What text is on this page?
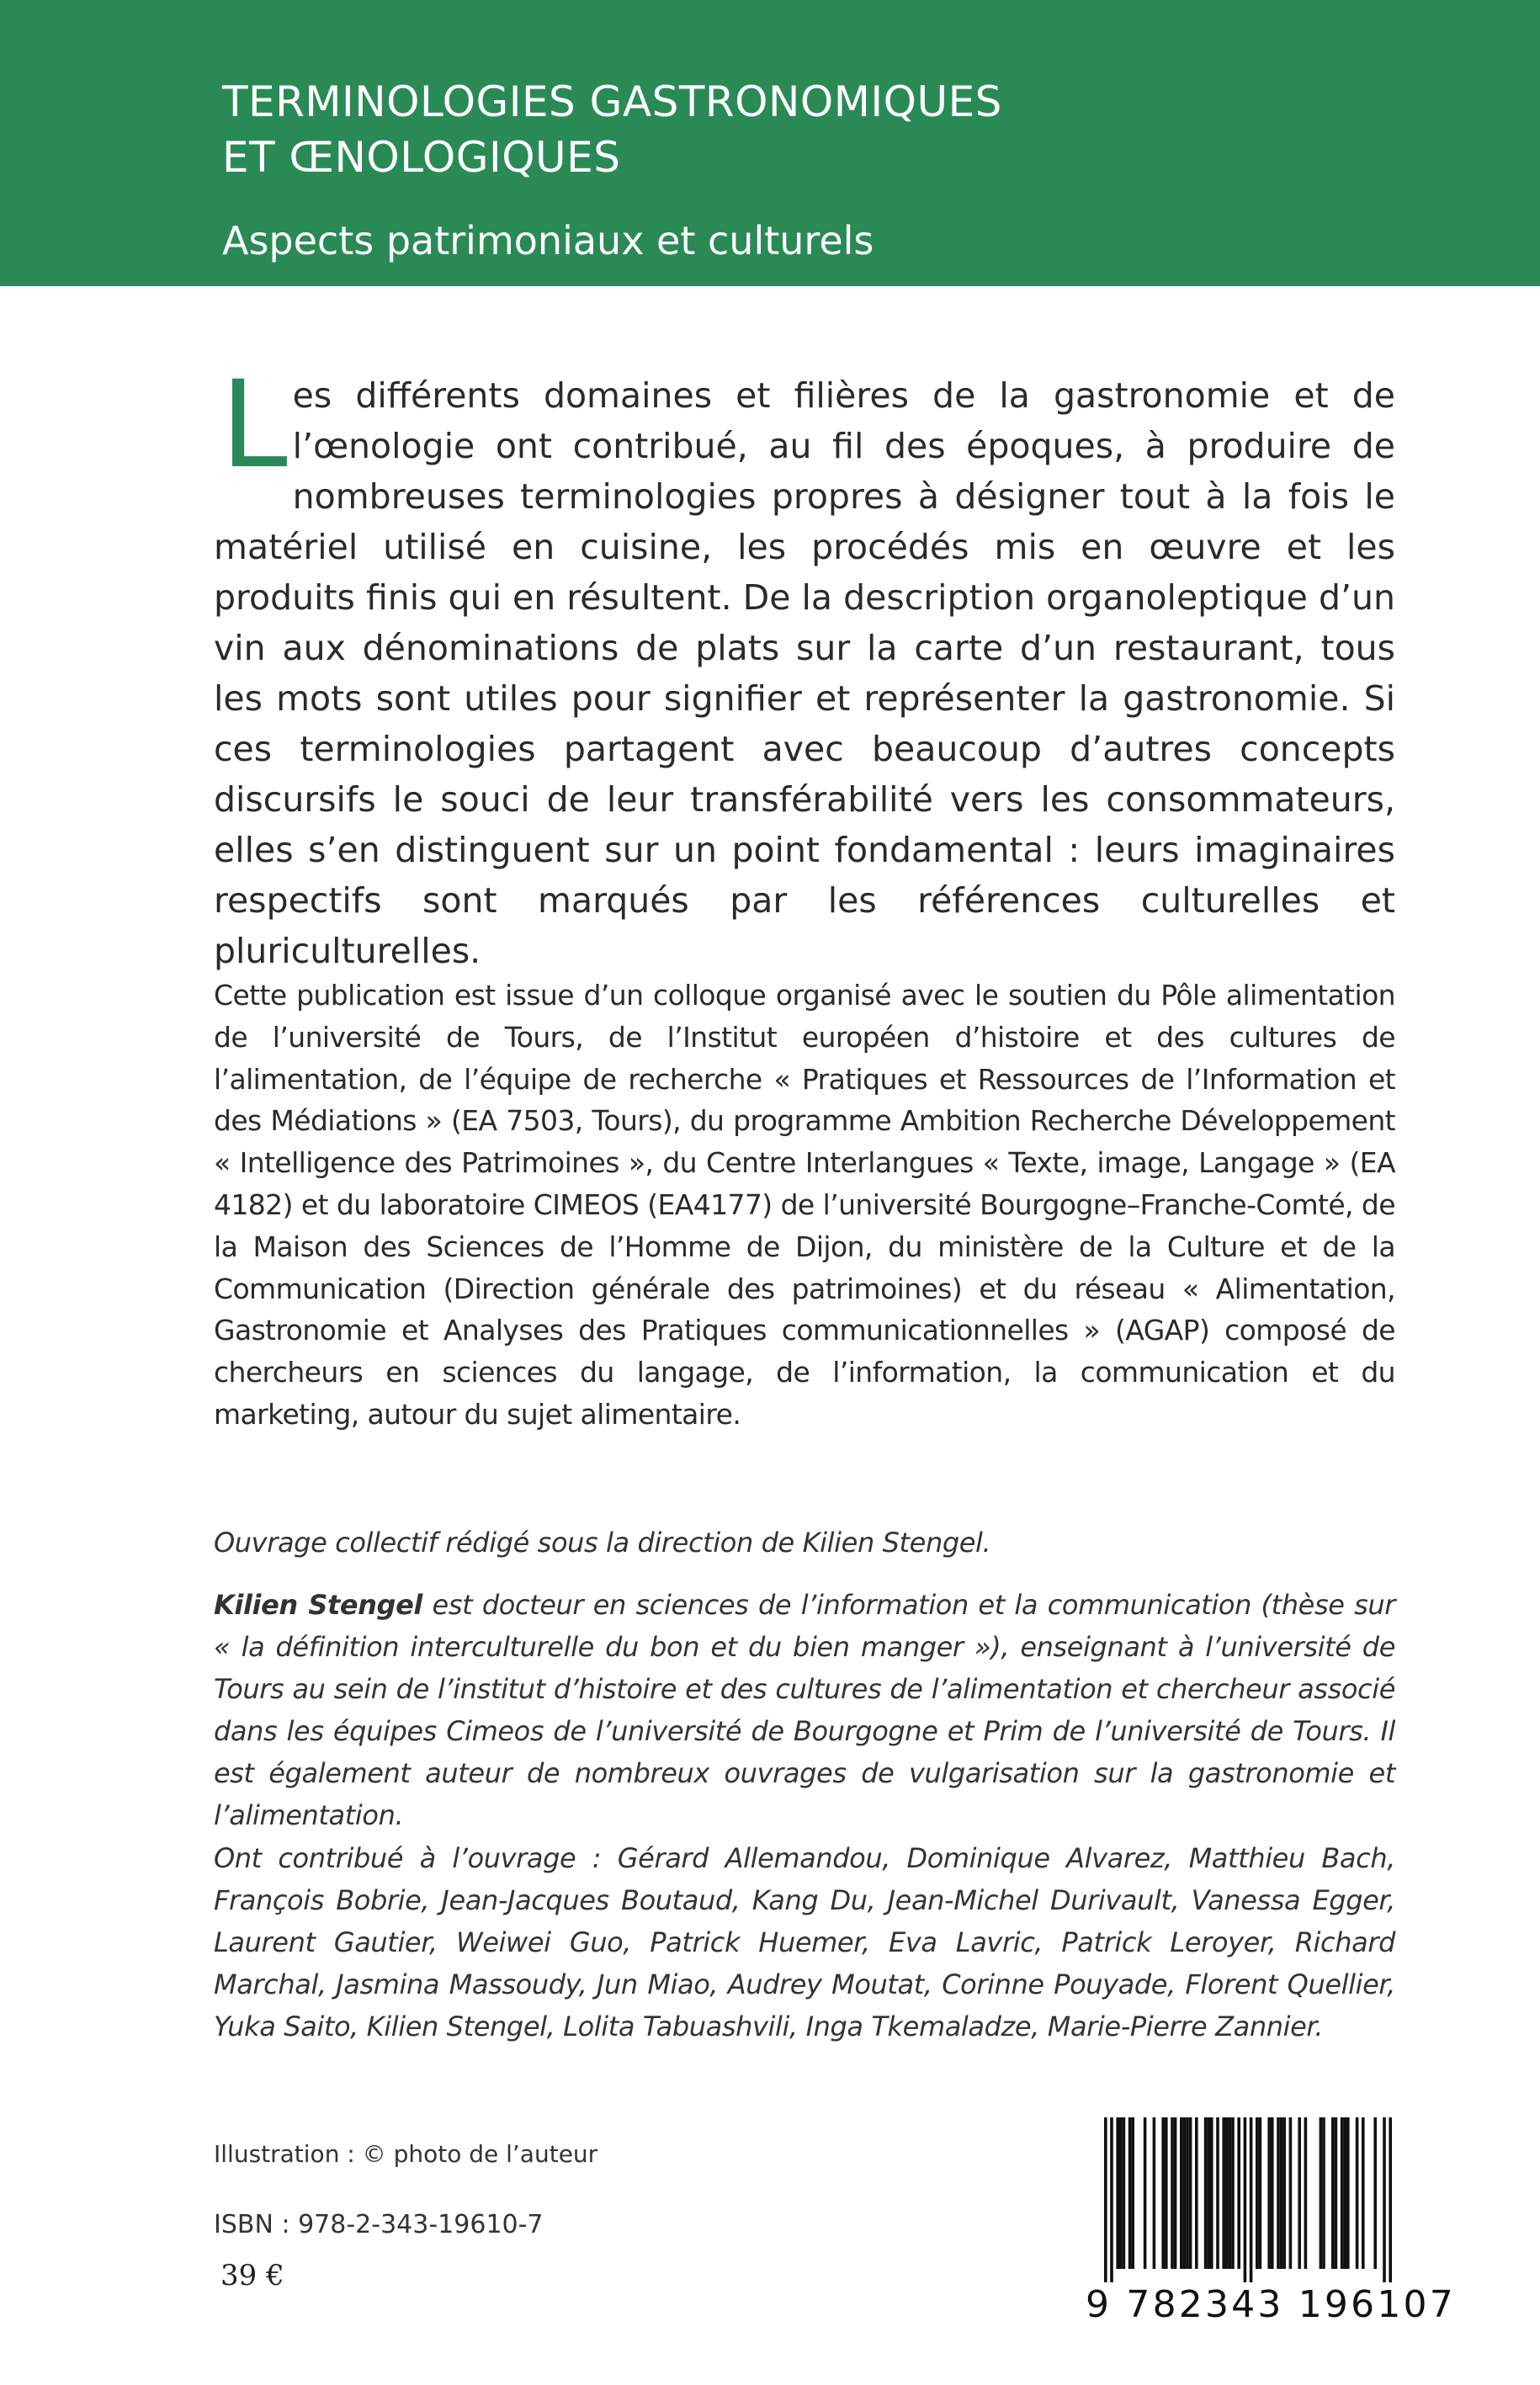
TERMINOLOGIES GASTRONOMIQUES
ET ŒNOLOGIQUES
Aspects patrimoniaux et culturels

Les différents domaines et filières de la gastronomie et de l’œnologie ont contribué, au fil des époques, à produire de nombreuses terminologies propres à désigner tout à la fois le matériel utilisé en cuisine, les procédés mis en œuvre et les produits finis qui en résultent. De la description organoleptique d’un vin aux dénominations de plats sur la carte d’un restaurant, tous les mots sont utiles pour signifier et représenter la gastronomie. Si ces terminologies partagent avec beaucoup d’autres concepts discursifs le souci de leur transférabilité vers les consommateurs, elles s’en distinguent sur un point fondamental : leurs imaginaires respectifs sont marqués par les références culturelles et pluriculturelles.

Cette publication est issue d’un colloque organisé avec le soutien du Pôle alimentation de l’université de Tours, de l’Institut européen d’histoire et des cultures de l’alimentation, de l’équipe de recherche « Pratiques et Ressources de l’Information et des Médiations » (EA 7503, Tours), du programme Ambition Recherche Développement « Intelligence des Patrimoines », du Centre Interlangues « Texte, image, Langage » (EA 4182) et du laboratoire CIMEOS (EA4177) de l’université Bourgogne–Franche-Comté, de la Maison des Sciences de l’Homme de Dijon, du ministère de la Culture et de la Communication (Direction générale des patrimoines) et du réseau « Alimentation, Gastronomie et Analyses des Pratiques communicationnelles » (AGAP) composé de chercheurs en sciences du langage, de l’information, la communication et du marketing, autour du sujet alimentaire.

Ouvrage collectif rédigé sous la direction de Kilien Stengel.

Kilien Stengel est docteur en sciences de l’information et la communication (thèse sur « la définition interculturelle du bon et du bien manger »), enseignant à l’université de Tours au sein de l’institut d’histoire et des cultures de l’alimentation et chercheur associé dans les équipes Cimeos de l’université de Bourgogne et Prim de l’université de Tours. Il est également auteur de nombreux ouvrages de vulgarisation sur la gastronomie et l’alimentation.

Ont contribué à l’ouvrage : Gérard Allemandou, Dominique Alvarez, Matthieu Bach, François Bobrie, Jean-Jacques Boutaud, Kang Du, Jean-Michel Durivault, Vanessa Egger, Laurent Gautier, Weiwei Guo, Patrick Huemer, Eva Lavric, Patrick Leroyer, Richard Marchal, Jasmina Massoudy, Jun Miao, Audrey Moutat, Corinne Pouyade, Florent Quellier, Yuka Saito, Kilien Stengel, Lolita Tabuashvili, Inga Tkemaladze, Marie-Pierre Zannier.

Illustration : © photo de l’auteur

ISBN : 978-2-343-19610-7

39 €

9 782343 196107
